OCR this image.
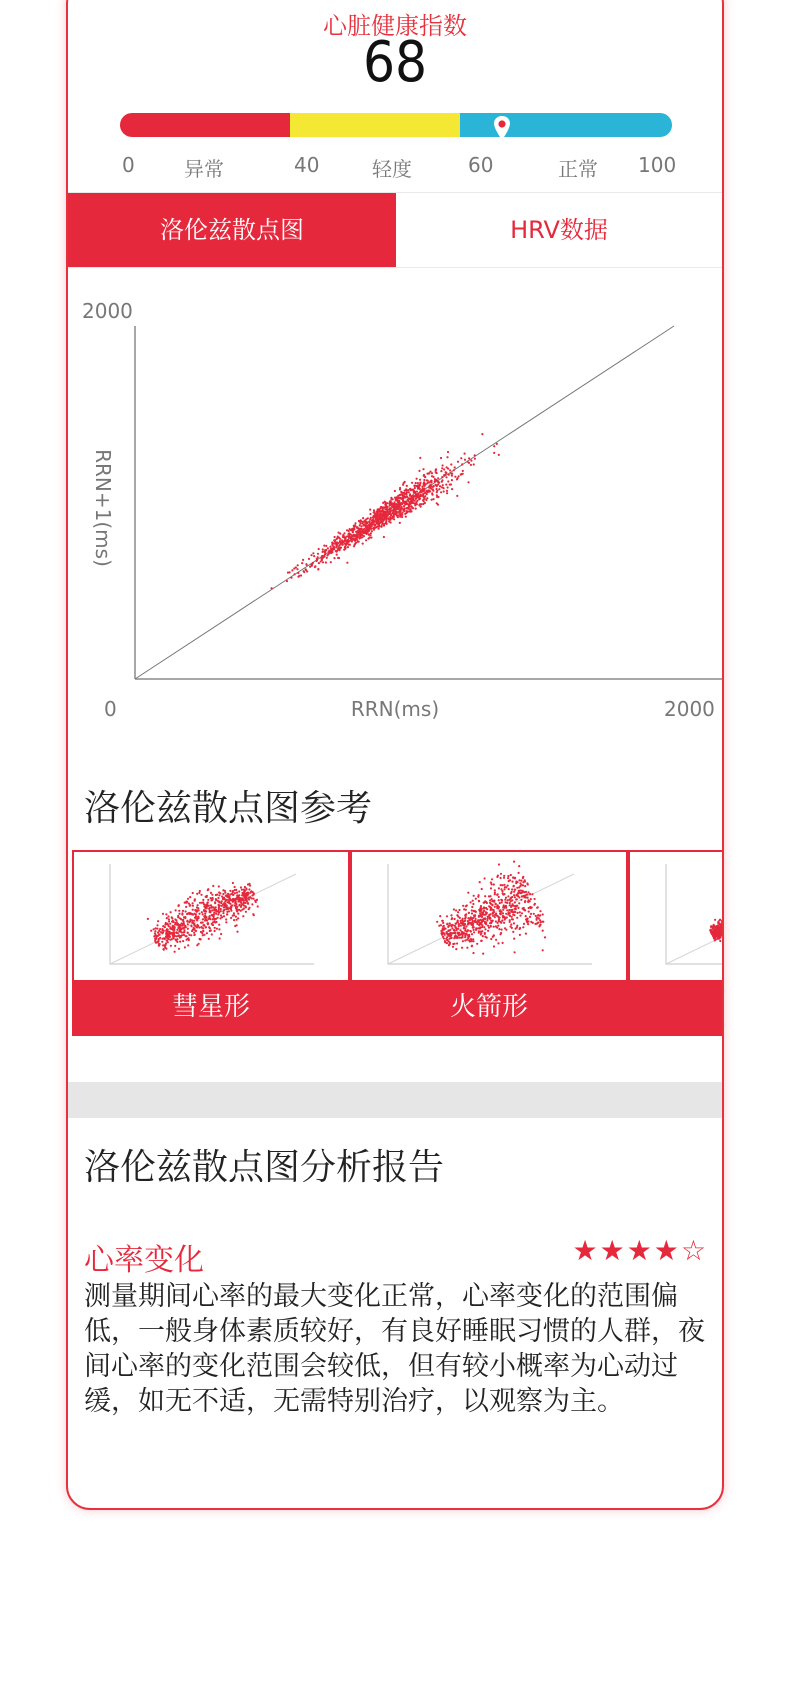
心脏健康指数
68
0 异常	40	轻度	60	正常 100
洛伦兹散点图	HRV数据
2000
0	2000
RRN(ms)
RRN+1(ms)
洛伦兹散点图参考
彗星形	火箭形
洛伦兹散点图分析报告
心率变化	★★★★☆
测量期间心率的最大变化正常，心率变化的范围偏低，一般身体素质较好，有良好睡眠习惯的人群，夜间心率的变化范围会较低，但有较小概率为心动过缓，如无不适，无需特别治疗，以观察为主。
